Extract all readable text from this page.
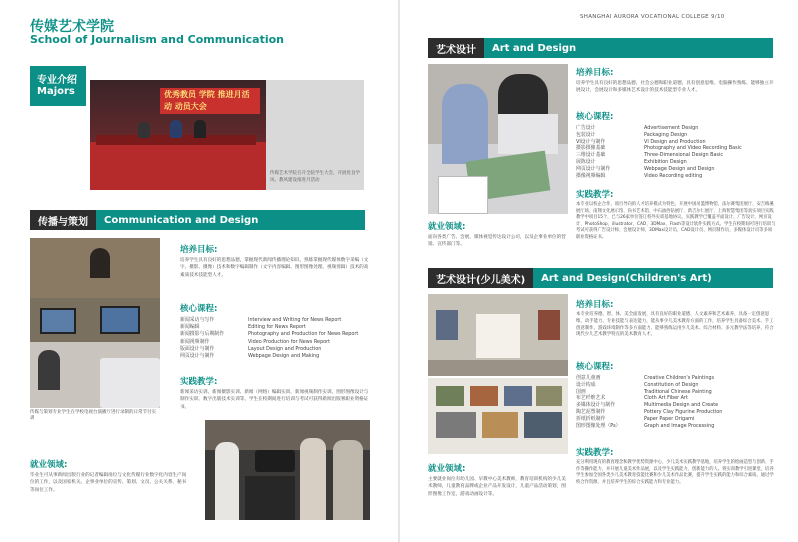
传媒艺术学院
School of Journalism and Communication
专业介绍
Majors	优秀教员 学院 推进月活动 动员大会
传媒艺术学院召开全院学生大会，开展优良学风、教风建设推进月活动
传播与策划	Communication and Design
传媒与策划专业学生在学校电视台演播厅进行录制的日常节目实训
培养目标:
培养学生具有良好的思想品德，掌握现代新闻传播理论知识，熟练掌握现代媒体数字采编（文字、摄影、摄像）技术和数字编辑制作（文字内容编辑、图形图像处理、视频剪辑）技术的高素质技术技能型人才。
核心课程:
新闻采访与写作	Interview and Writing for News Report
新闻编辑	Editing for News Report
新闻摄影与后期制作	Photography and Production for News Report
新闻视频制作	Video Production for News Report
版面设计与制作	Layout Design and Production
网页设计与制作	Webpage Design and Making
实践教学:
新闻采访实训、新闻摄影实训、新闻（网络）编辑实训、新闻视频制作实训、图形图像设计与制作实训、数字出版技术实训等。学生在校期间进行培训与考试可获得新闻出版署职业资格证书。
就业领域:
毕业生可从事新闻出版行业的记者编辑岗位与文化传媒行业数字化内容生产岗位的工作，以及国家机关、企事业单位的宣传、策划、文员、公关关系、秘书等岗位工作。
SHANGHAI AURORA VOCATIONAL COLLEGE 9/10
艺术设计	Art and Design
培养目标:
培养学生具有良好的思想品德、社会公德和职业道德，具有创意思维、电脑操作熟练、能够独立开展设计，会展设计和多媒体艺术设计的技术技能型专业人才。
核心课程:
广告设计	Advertisement Design
包装设计	Packaging Design
VI设计与制作	VI Design and Production
摄影摄像基础	Photography and Video Recording Basic
三维设计基础	Three-Dimensional Design Basic
展陈设计	Exhibition Design
网页设计与制作	Webpage Design and Design
摄像视频编辑	Video Recording editing
实践教学:
本专业以校企合作、项目导向的人才培养模式为特色，开展中国吊篮博物馆、法尔赛集团展厅、安吉梅溪展厅场、南翔文化展示馆、尚书艺术馆、中石油西钻展厅、新吉尔仁展厅、上海智慧集团等真实项目实践教学中项目15个，已与26家单位签订校外实训基地协议。实践教学已覆盖平面设计、广告设计、网页设计、PhotoShop、illustrator、CAD、3DMax、Flash等设计软件实践方式。学生在校期间可进行培训与考试可获得广告设计师、会展设计师、3DMax设计员、CAD设计员、网页制作员、多媒体设计员等多项职业资格证书。
就业领域:
面向各类广告、会展、媒体视觉传达设计公司，以及企事业单位的营销、宣传部门等。
艺术设计(少儿美术)	Art and Design(Children's Art)
培养目标:
本专业培养德、智、体、美全面发展，具有良好的职业道德、人文素养和艺术素养，具备一定创意思维、动手能力、专业技能与表达能力，能从事少儿美术教育方面的工作，培养学生具备综合美术、手工创意制作、游戏环境制作等多方面能力，能够熟练运用少儿美术、综合材料、多元教学法等培养，符合现代少儿艺术教学特点的美术教育人才。
核心课程:
创意儿童画	Creative Children's Paintings
设计构成	Constitution of Design
国画	Traditional Chinese Painting
布艺纤维艺术	Cloth Art Fiber Art
多媒体设计与制作	Multimedia Design and Create
陶艺泥塑制作	Pottery Clay Figurine Production
折纸折纸制作	Paper Paper Origami
图形图像处理（Ps）	Graph and Image Processing
实践教学:
充分利用现有的教育理念和教学优势资源中心、少儿美术实践教学基地，培养学生的绘画造型与创新、手作等操作能力，并开展儿童美术作品展，以及学生实践能力、创新能力的人。将实训教学引进课堂，培养学生参加全国各类少儿美术教育技能比赛和少儿美术作品比赛，提升学生实践的能力和综合素质。通过学校合作资源，并且培养学生的综合实践能力和专业能力。
就业领域:
主要就业岗位有幼儿园、早教中心美术教师，教育培训机构的少儿美术教师，儿童教育品牌或企业产品开发设计，儿童产品活动策划，图形图像工作室，游戏动画设计等。
